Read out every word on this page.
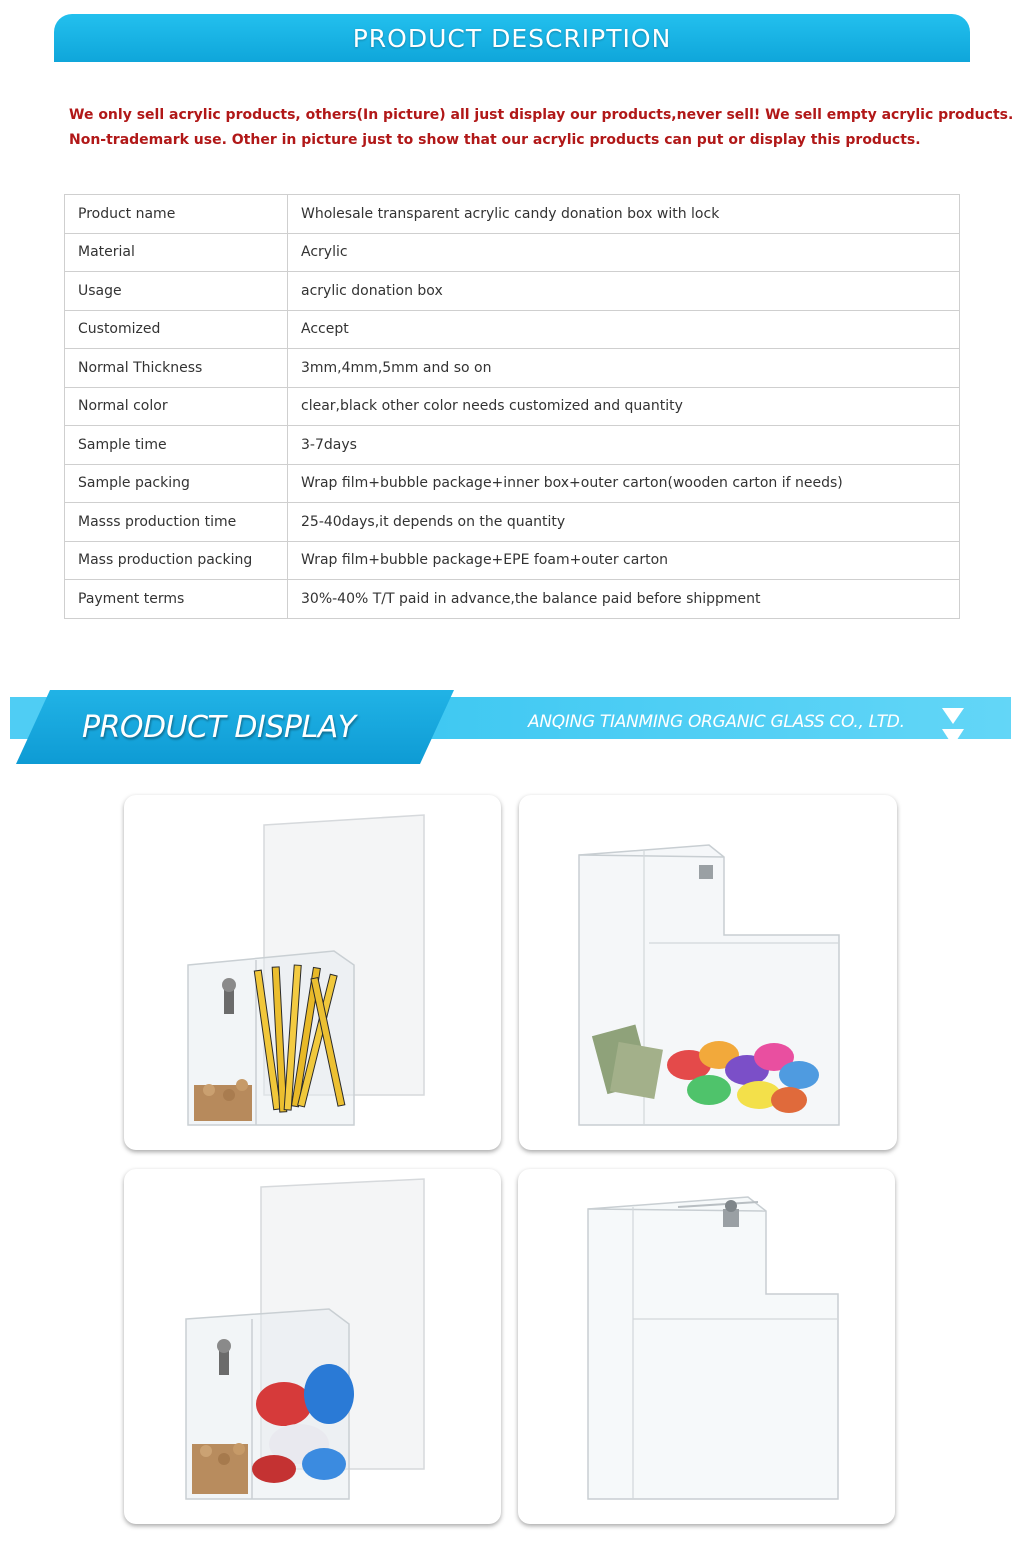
PRODUCT DESCRIPTION

We only sell acrylic products, others(In picture) all just display our products,never sell! We sell empty acrylic products.

Non-trademark use. Other in picture just to show that our acrylic products can put or display this products.

Product name	Wholesale transparent acrylic candy donation box with lock
Material	Acrylic
Usage	acrylic donation box
Customized	Accept
Normal Thickness	3mm,4mm,5mm and so on
Normal color	clear,black other color needs customized and quantity
Sample time	3-7days
Sample packing	Wrap film+bubble package+inner box+outer carton(wooden carton if needs)
Masss production time	25-40days,it depends on the quantity
Mass production packing	Wrap film+bubble package+EPE foam+outer carton
Payment terms	30%-40% T/T paid in advance,the balance paid before shippment
PRODUCT DISPLAY	ANQING TIANMING ORGANIC GLASS CO., LTD.
